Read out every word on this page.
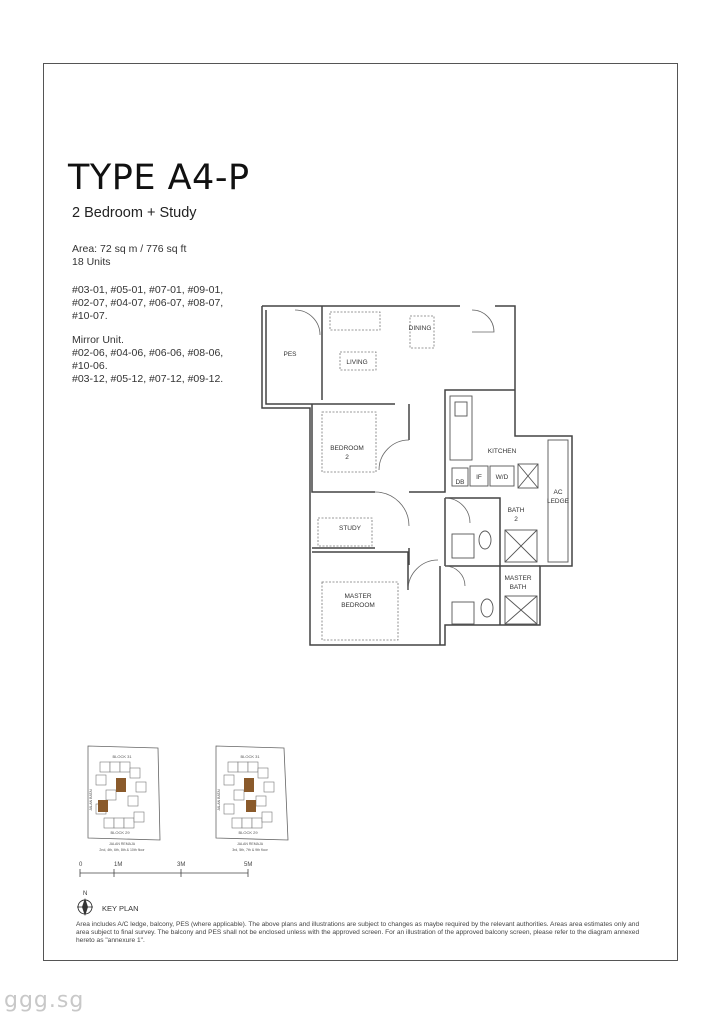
TYPE A4-P
2 Bedroom + Study
Area: 72 sq m / 776 sq ft
18 Units
#03-01, #05-01, #07-01, #09-01,
#02-07, #04-07, #06-07, #08-07,
#10-07.
Mirror Unit.
#02-06, #04-06, #06-06, #08-06,
#10-06.
#03-12, #05-12, #07-12, #09-12.
DINING
PES
LIVING
BEDROOM
2
KITCHEN
DB
IF W/D
AC
LEDGE
BATH
2
STUDY
MASTER
BEDROOM
MASTER
BATH
BLOCK 31
BLOCK 29
JALAN BATAI
JALAN REMAJA
2nd, 4th, 6th, 8th & 10th floor
BLOCK 31
BLOCK 29
JALAN BATAI
JALAN REMAJA
3rd, 5th, 7th & 9th floor
0	1M	3M	5M
N
KEY PLAN
Area includes A/C ledge, balcony, PES (where applicable). The above plans and illustrations are subject to changes as maybe required by the relevant authorities. Areas area estimates only and area subject to final survey. The balcony and PES shall not be enclosed unless with the approved screen. For an illustration of the approved balcony screen, please refer to the diagram annexed hereto as "annexure 1".
ggg.sg
